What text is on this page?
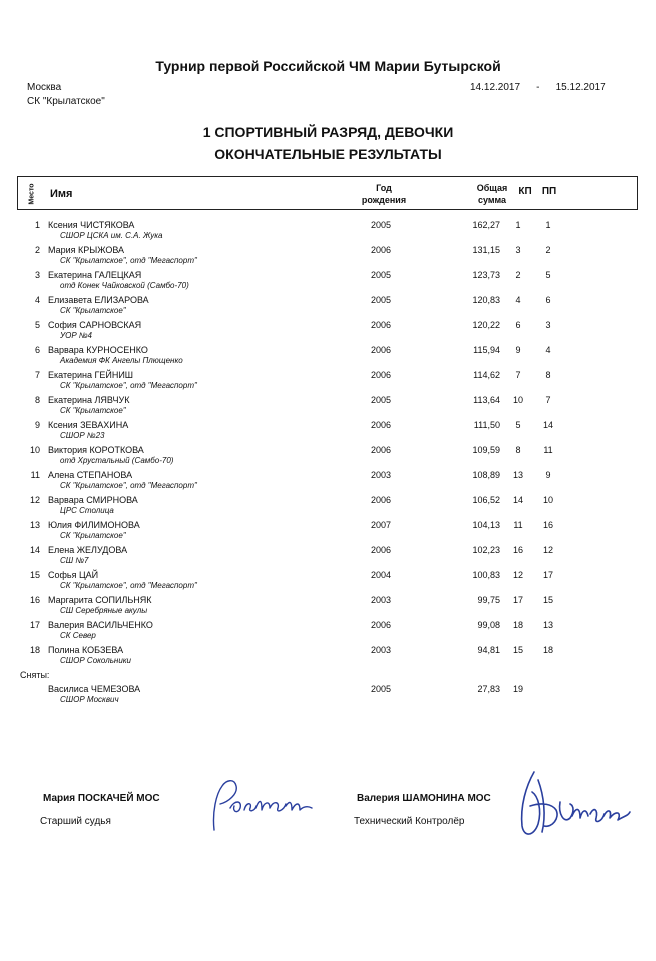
Турнир первой Российской ЧМ Марии Бутырской
Москва
СК "Крылатское"
14.12.2017 - 15.12.2017
1 СПОРТИВНЫЙ РАЗРЯД, ДЕВОЧКИ
ОКОНЧАТЕЛЬНЫЕ РЕЗУЛЬТАТЫ
Место Имя	Год
рождения
Общая
сумма
КП	ПП
1 Ксения ЧИСТЯКОВА
СШОР ЦСКА им. С.А. Жука
2005	162,27	1	1
2 Мария КРЫЖОВА
СК "Крылатское", отд "Мегаспорт"
2006	131,15	3	2
3 Екатерина ГАЛЕЦКАЯ
отд Конек Чайковской (Самбо-70)
2005	123,73	2	5
4 Елизавета ЕЛИЗАРОВА
СК "Крылатское"
2005	120,83	4	6
5 София САРНОВСКАЯ
УОР №4
2006	120,22	6	3
6 Варвара КУРНОСЕНКО
Академия ФК Ангелы Плющенко
2006	115,94	9	4
7 Екатерина ГЕЙНИШ
СК "Крылатское", отд "Мегаспорт"
2006	114,62	7	8
8 Екатерина ЛЯВЧУК
СК "Крылатское"
2005	113,64	10	7
9 Ксения ЗЕВАХИНА
СШОР №23
2006	111,50	5	14
10 Виктория КОРОТКОВА
отд Хрустальный (Самбо-70)
2006	109,59	8	11
11 Алена СТЕПАНОВА
СК "Крылатское", отд "Мегаспорт"
2003	108,89	13	9
12 Варвара СМИРНОВА
ЦРС Столица
2006	106,52	14	10
13 Юлия ФИЛИМОНОВА
СК "Крылатское"
2007	104,13	11	16
14 Елена ЖЕЛУДОВА
СШ №7
2006	102,23	16	12
15 Софья ЦАЙ
СК "Крылатское", отд "Мегаспорт"
2004	100,83	12	17
16 Маргарита СОПИЛЬНЯК
СШ Серебряные акулы
2003	99,75	17	15
17 Валерия ВАСИЛЬЧЕНКО
СК Север
2006	99,08	18	13
18 Полина КОБЗЕВА
СШОР Сокольники
2003	94,81	15	18
Сняты:
Василиса ЧЕМЕЗОВА
СШОР Москвич
2005	27,83	19
Мария ПОСКАЧЕЙ МОС
Старший судья
Валерия ШАМОНИНА МОС
Технический Контролёр
